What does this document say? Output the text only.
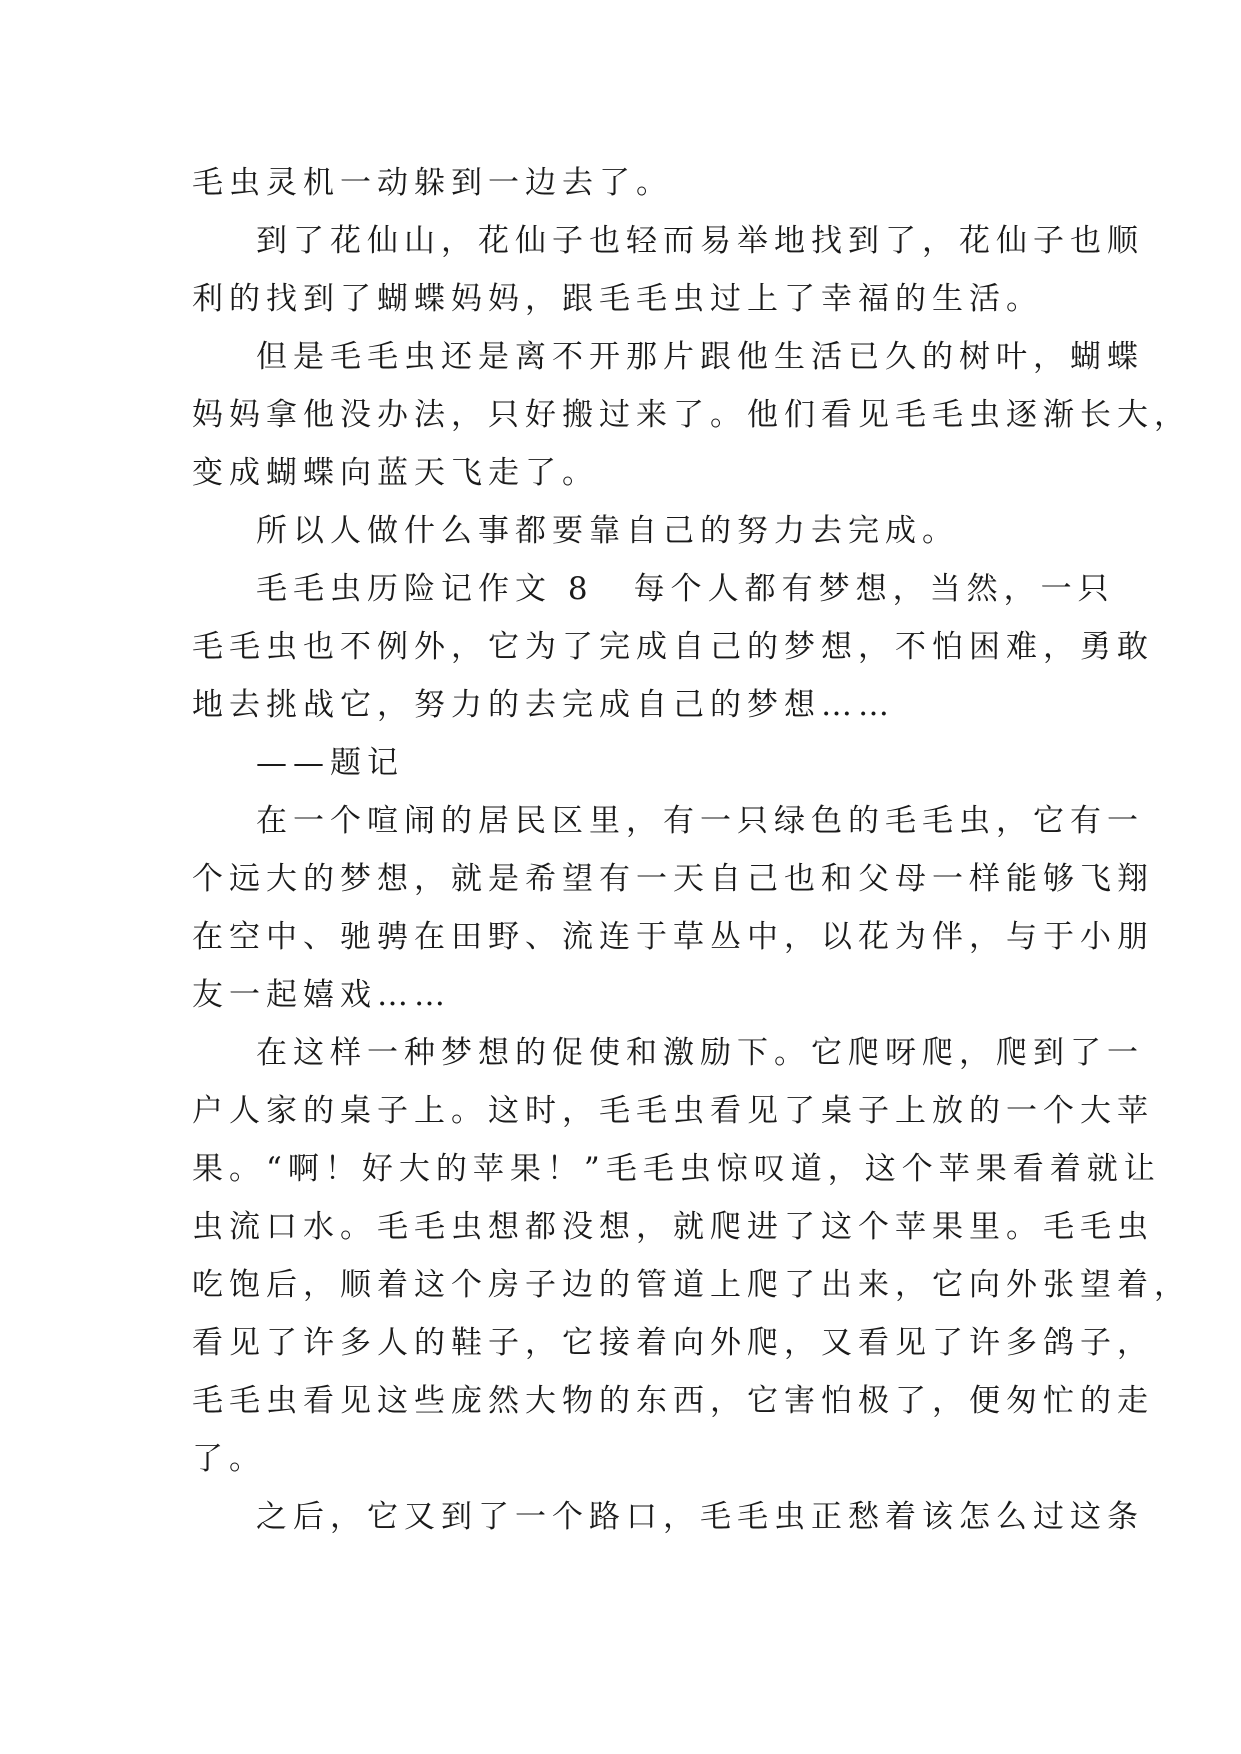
毛虫灵机一动躲到一边去了。
到了花仙山，花仙子也轻而易举地找到了，花仙子也顺
利的找到了蝴蝶妈妈，跟毛毛虫过上了幸福的生活。
但是毛毛虫还是离不开那片跟他生活已久的树叶，蝴蝶
妈妈拿他没办法，只好搬过来了。他们看见毛毛虫逐渐长大，
变成蝴蝶向蓝天飞走了。
所以人做什么事都要靠自己的努力去完成。
毛毛虫历险记作文 8 每个人都有梦想，当然，一只
毛毛虫也不例外，它为了完成自己的梦想，不怕困难，勇敢
地去挑战它，努力的去完成自己的梦想……
——题记
在一个喧闹的居民区里，有一只绿色的毛毛虫，它有一
个远大的梦想，就是希望有一天自己也和父母一样能够飞翔
在空中、驰骋在田野、流连于草丛中，以花为伴，与于小朋
友一起嬉戏……
在这样一种梦想的促使和激励下。它爬呀爬，爬到了一
户人家的桌子上。这时，毛毛虫看见了桌子上放的一个大苹
果。“啊！好大的苹果！”毛毛虫惊叹道，这个苹果看着就让
虫流口水。毛毛虫想都没想，就爬进了这个苹果里。毛毛虫
吃饱后，顺着这个房子边的管道上爬了出来，它向外张望着，
看见了许多人的鞋子，它接着向外爬，又看见了许多鸽子，
毛毛虫看见这些庞然大物的东西，它害怕极了，便匆忙的走
了。
之后，它又到了一个路口，毛毛虫正愁着该怎么过这条
